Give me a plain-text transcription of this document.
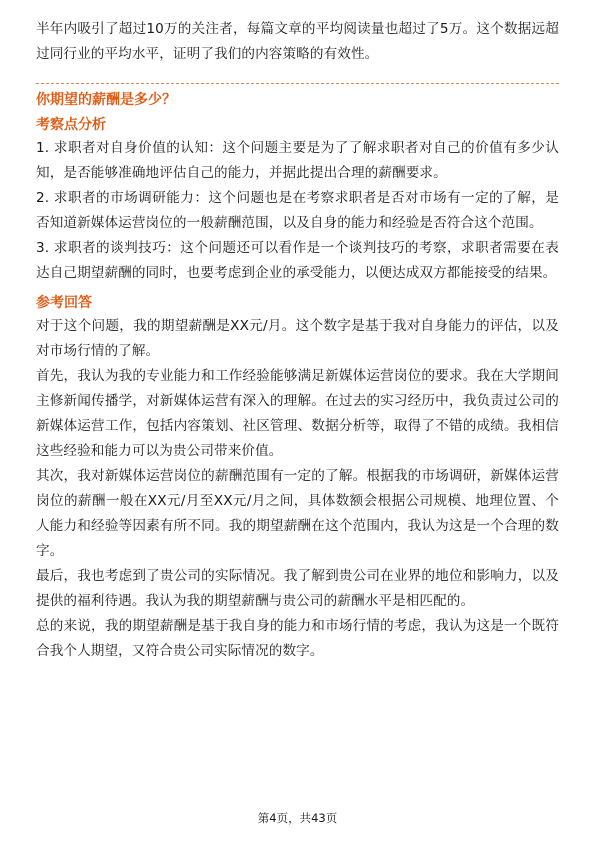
半年内吸引了超过10万的关注者，每篇文章的平均阅读量也超过了5万。这个数据远超过同行业的平均水平，证明了我们的内容策略的有效性。

你期望的薪酬是多少？

考察点分析

1. 求职者对自身价值的认知：这个问题主要是为了了解求职者对自己的价值有多少认知，是否能够准确地评估自己的能力，并据此提出合理的薪酬要求。

2. 求职者的市场调研能力：这个问题也是在考察求职者是否对市场有一定的了解，是否知道新媒体运营岗位的一般薪酬范围，以及自身的能力和经验是否符合这个范围。

3. 求职者的谈判技巧：这个问题还可以看作是一个谈判技巧的考察，求职者需要在表达自己期望薪酬的同时，也要考虑到企业的承受能力，以便达成双方都能接受的结果。

参考回答

对于这个问题，我的期望薪酬是XX元/月。这个数字是基于我对自身能力的评估，以及对市场行情的了解。

首先，我认为我的专业能力和工作经验能够满足新媒体运营岗位的要求。我在大学期间主修新闻传播学，对新媒体运营有深入的理解。在过去的实习经历中，我负责过公司的新媒体运营工作，包括内容策划、社区管理、数据分析等，取得了不错的成绩。我相信这些经验和能力可以为贵公司带来价值。

其次，我对新媒体运营岗位的薪酬范围有一定的了解。根据我的市场调研，新媒体运营岗位的薪酬一般在XX元/月至XX元/月之间，具体数额会根据公司规模、地理位置、个人能力和经验等因素有所不同。我的期望薪酬在这个范围内，我认为这是一个合理的数字。

最后，我也考虑到了贵公司的实际情况。我了解到贵公司在业界的地位和影响力，以及提供的福利待遇。我认为我的期望薪酬与贵公司的薪酬水平是相匹配的。

总的来说，我的期望薪酬是基于我自身的能力和市场行情的考虑，我认为这是一个既符合我个人期望，又符合贵公司实际情况的数字。

第4页，共43页
